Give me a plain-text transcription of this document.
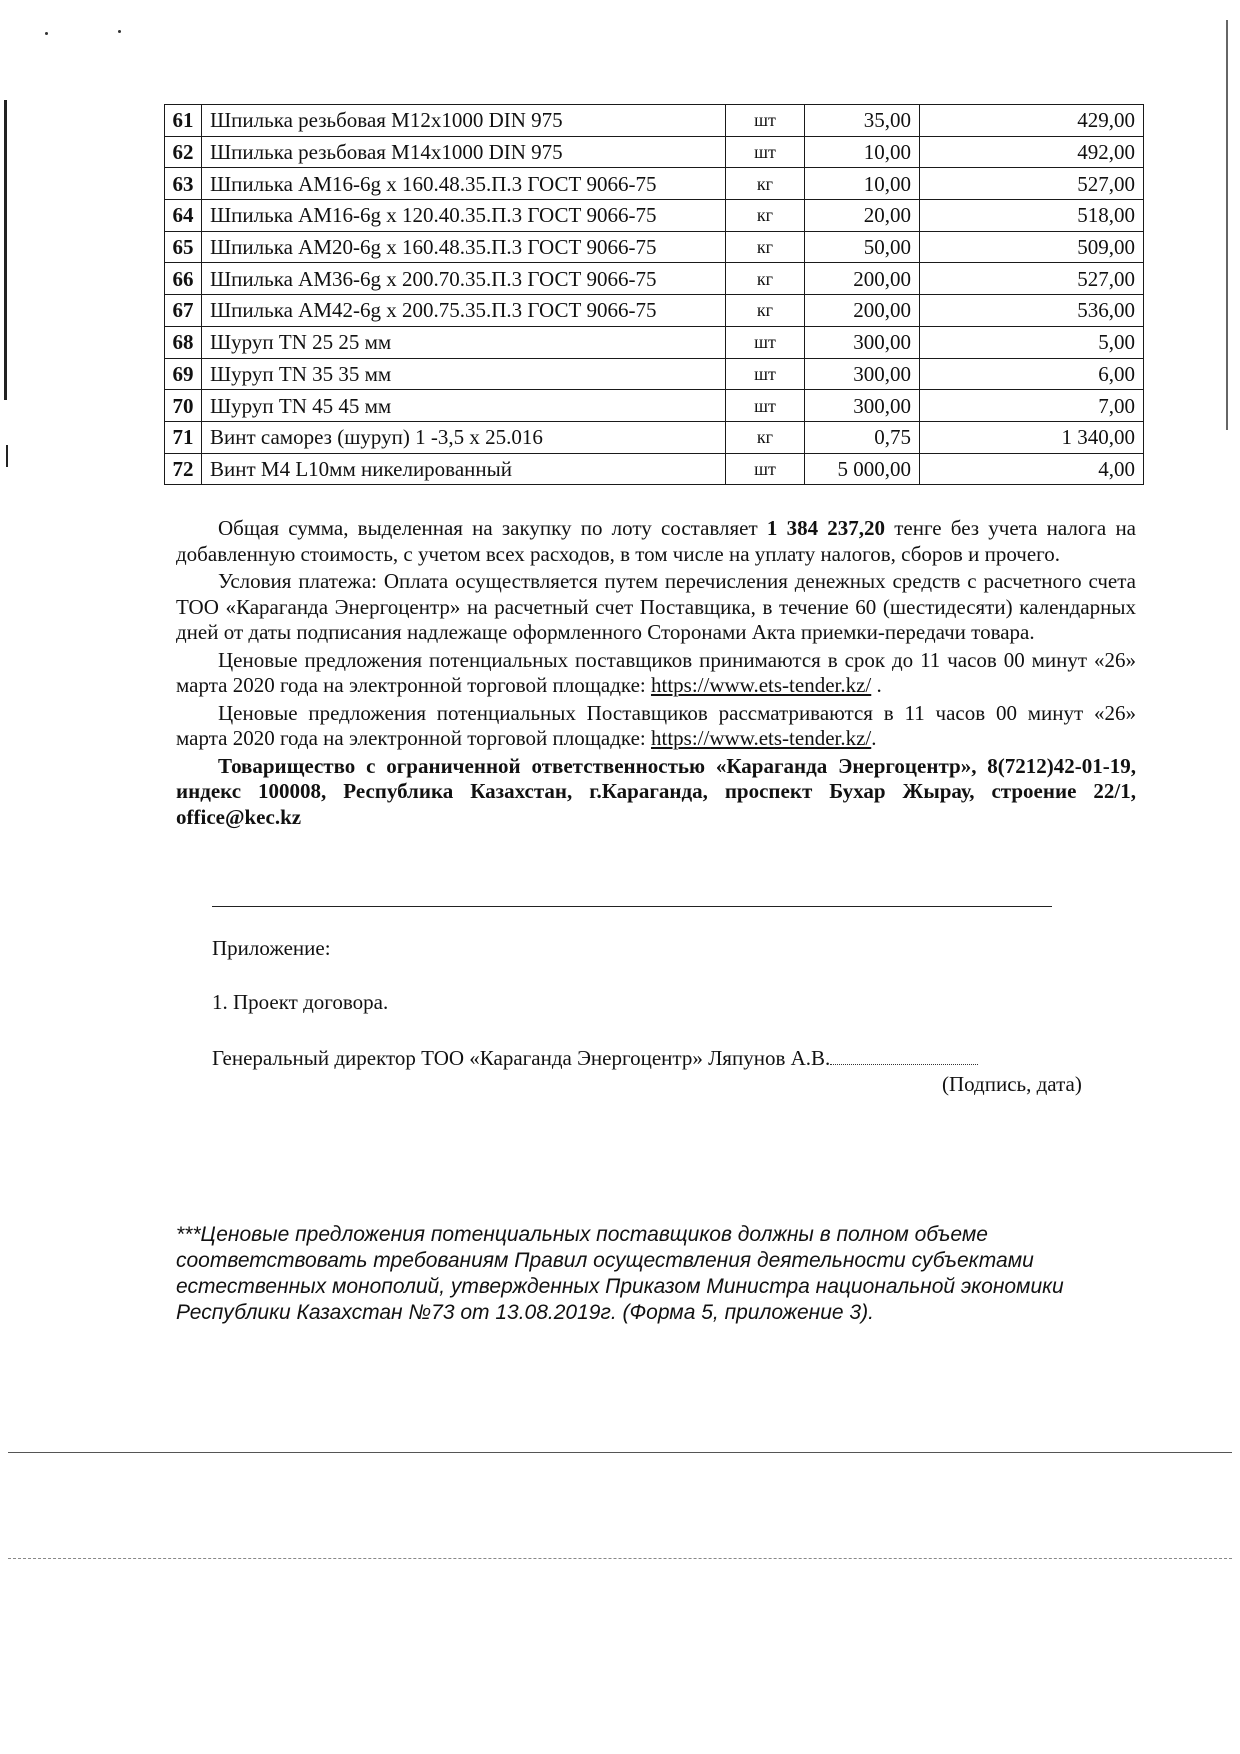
61	Шпилька резьбовая М12х1000 DIN 975	шт	35,00	429,00
62	Шпилька резьбовая М14х1000 DIN 975	шт	10,00	492,00
63	Шпилька АМ16-6g х 160.48.35.П.3 ГОСТ 9066-75	кг	10,00	527,00
64	Шпилька АМ16-6g х 120.40.35.П.3 ГОСТ 9066-75	кг	20,00	518,00
65	Шпилька АМ20-6g х 160.48.35.П.3 ГОСТ 9066-75	кг	50,00	509,00
66	Шпилька АМ36-6g х 200.70.35.П.3 ГОСТ 9066-75	кг	200,00	527,00
67	Шпилька АМ42-6g х 200.75.35.П.3 ГОСТ 9066-75	кг	200,00	536,00
68	Шуруп TN 25 25 мм	шт	300,00	5,00
69	Шуруп TN 35 35 мм	шт	300,00	6,00
70	Шуруп TN 45 45 мм	шт	300,00	7,00
71	Винт саморез (шуруп) 1 -3,5 х 25.016	кг	0,75	1 340,00
72	Винт М4 L10мм никелированный	шт	5 000,00	4,00

Общая сумма, выделенная на закупку по лоту составляет 1 384 237,20 тенге без учета налога на добавленную стоимость, с учетом всех расходов, в том числе на уплату налогов, сборов и прочего.

Условия платежа: Оплата осуществляется путем перечисления денежных средств с расчетного счета ТОО «Караганда Энергоцентр» на расчетный счет Поставщика, в течение 60 (шестидесяти) календарных дней от даты подписания надлежаще оформленного Сторонами Акта приемки-передачи товара.

Ценовые предложения потенциальных поставщиков принимаются в срок до 11 часов 00 минут «26» марта 2020 года на электронной торговой площадке: https://www.ets-tender.kz/ .

Ценовые предложения потенциальных Поставщиков рассматриваются в 11 часов 00 минут «26» марта 2020 года на электронной торговой площадке: https://www.ets-tender.kz/.

Товарищество с ограниченной ответственностью «Караганда Энергоцентр», 8(7212)42-01-19, индекс 100008, Республика Казахстан, г.Караганда, проспект Бухар Жырау, строение 22/1, office@kec.kz

Приложение:
1. Проект договора.
Генеральный директор ТОО «Караганда Энергоцентр» Ляпунов А.В.
(Подпись, дата)
***Ценовые предложения потенциальных поставщиков должны в полном объеме соответствовать требованиям Правил осуществления деятельности субъектами естественных монополий, утвержденных Приказом Министра национальной экономики Республики Казахстан №73 от 13.08.2019г. (Форма 5, приложение 3).
